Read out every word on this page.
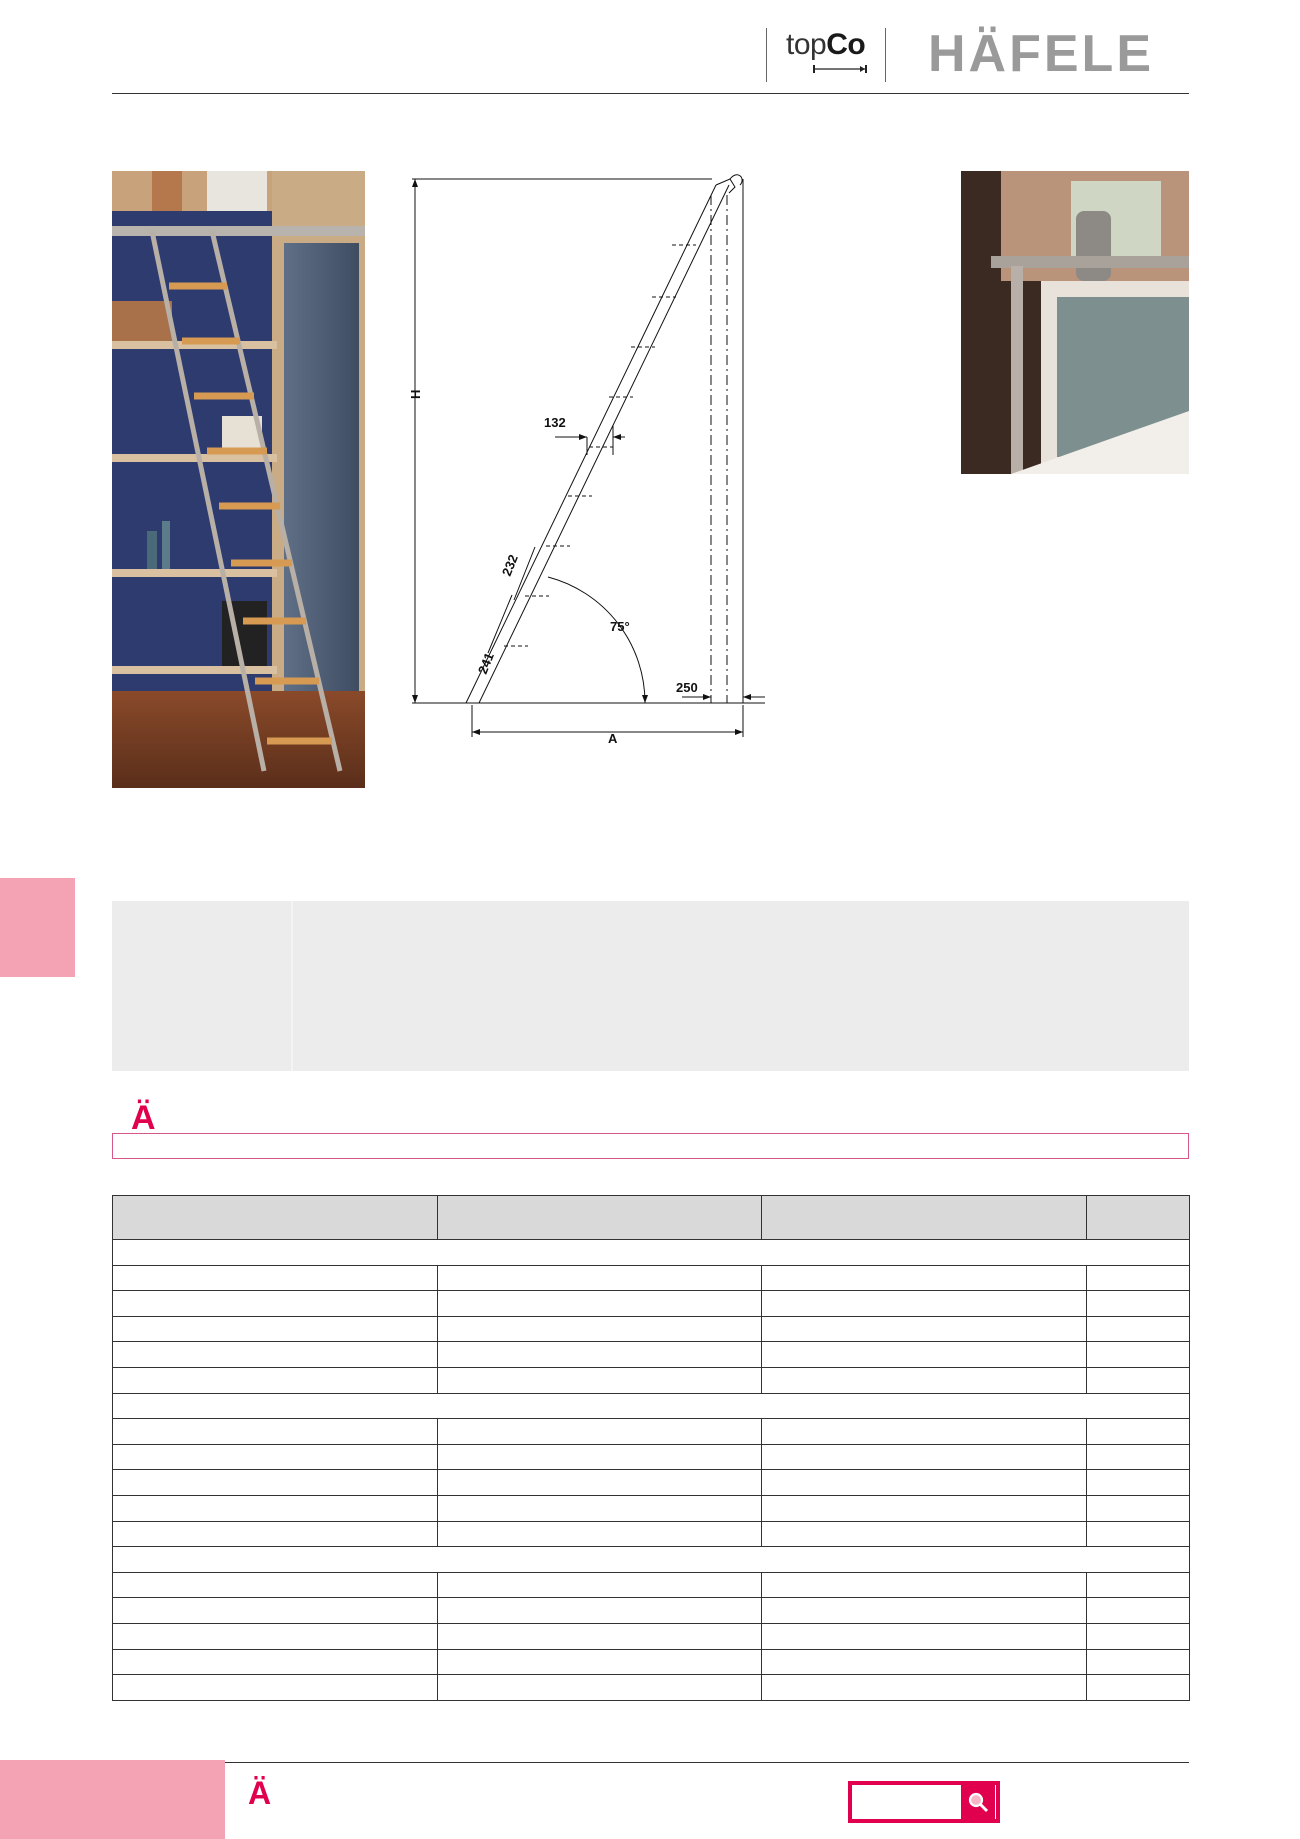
topCo HÄFELE
H
A
132
232
241
75°
250
Ä

Ä
